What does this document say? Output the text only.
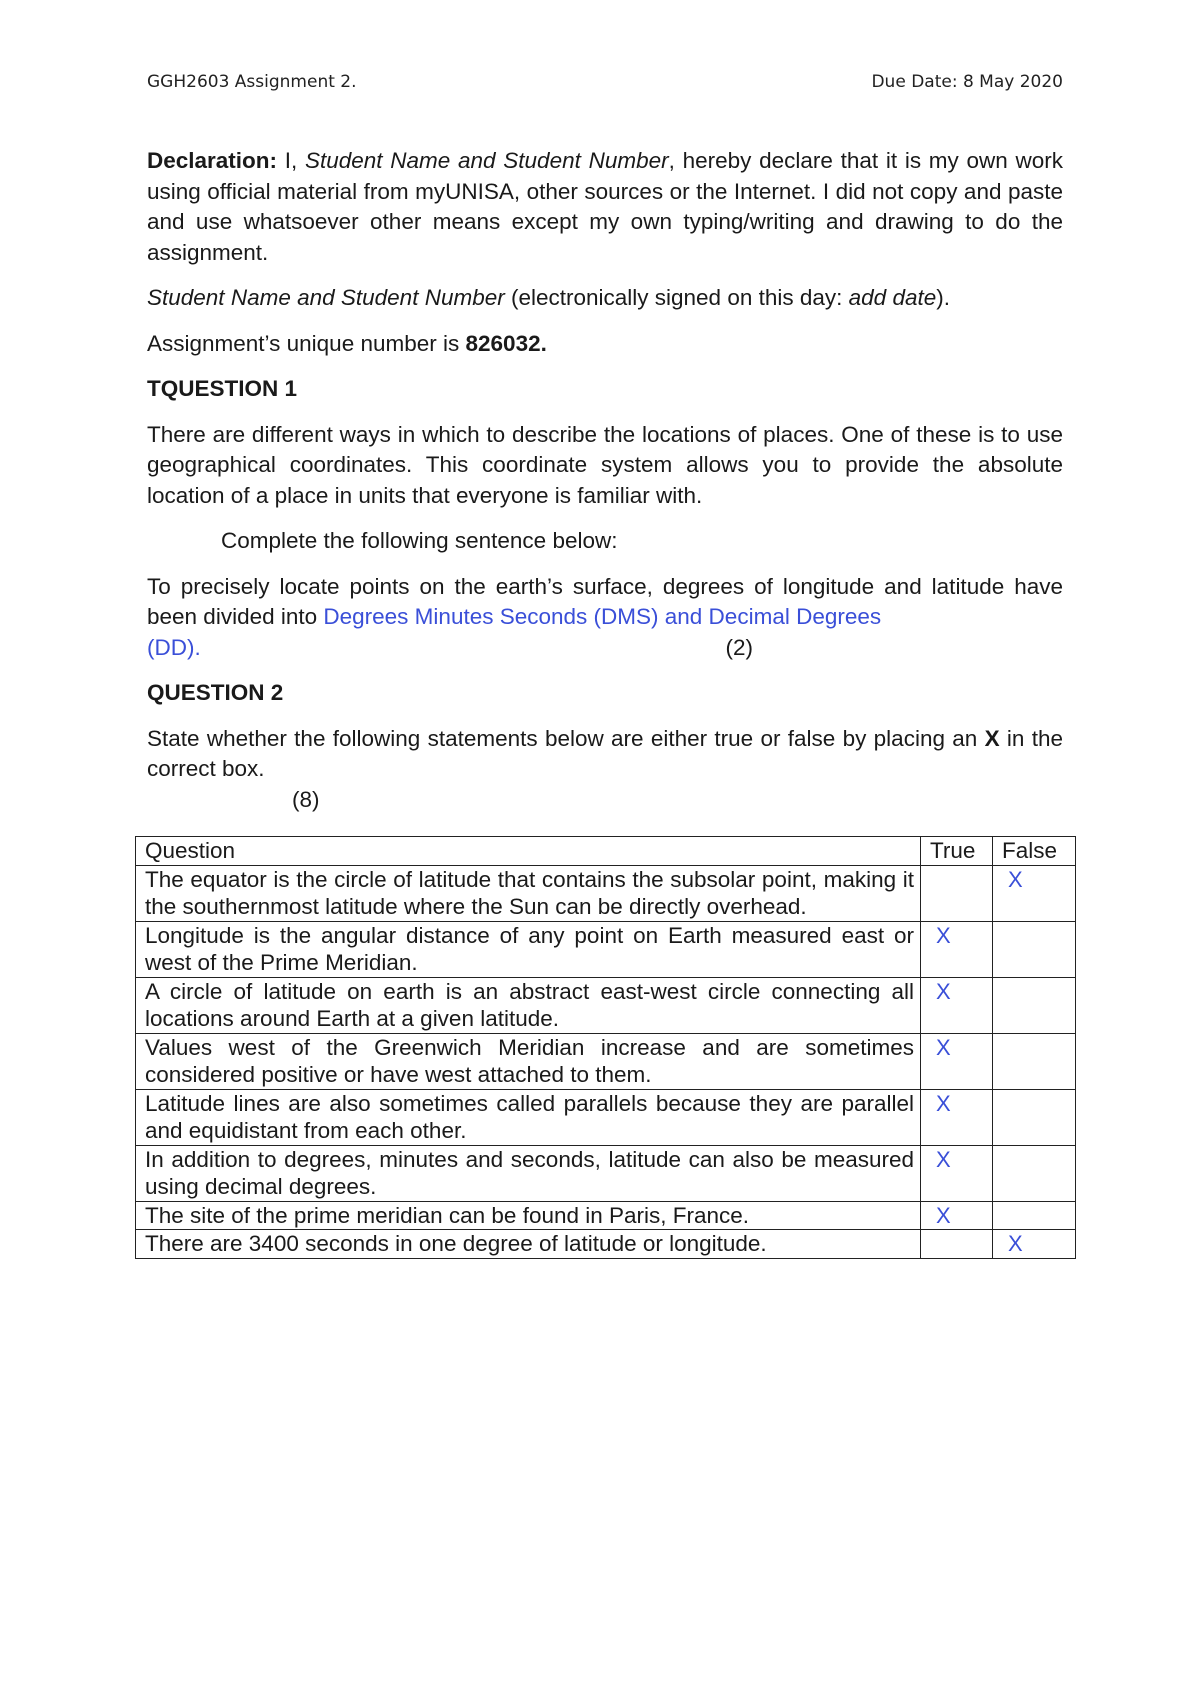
GGH2603 Assignment 2.	Due Date: 8 May 2020

Declaration: I, Student Name and Student Number, hereby declare that it is my own work using official material from myUNISA, other sources or the Internet. I did not copy and paste and use whatsoever other means except my own typing/writing and drawing to do the assignment.

Student Name and Student Number (electronically signed on this day: add date).

Assignment’s unique number is 826032.

TQUESTION 1

There are different ways in which to describe the locations of places. One of these is to use geographical coordinates. This coordinate system allows you to provide the absolute location of a place in units that everyone is familiar with.

Complete the following sentence below:

To precisely locate points on the earth’s surface, degrees of longitude and latitude have been divided into Degrees Minutes Seconds (DMS) and Decimal Degrees

(DD).	(2)

QUESTION 2

State whether the following statements below are either true or false by placing an X in the correct box.

(8)
Question	True	False
The equator is the circle of latitude that contains the subsolar point, making it the southernmost latitude where the Sun can be directly overhead.		X
Longitude is the angular distance of any point on Earth measured east or west of the Prime Meridian.	X	
A circle of latitude on earth is an abstract east-west circle connecting all locations around Earth at a given latitude.	X	
Values west of the Greenwich Meridian increase and are sometimes considered positive or have west attached to them.	X	
Latitude lines are also sometimes called parallels because they are parallel and equidistant from each other.	X	
In addition to degrees, minutes and seconds, latitude can also be measured using decimal degrees.	X	
The site of the prime meridian can be found in Paris, France.	X	
There are 3400 seconds in one degree of latitude or longitude.		X
